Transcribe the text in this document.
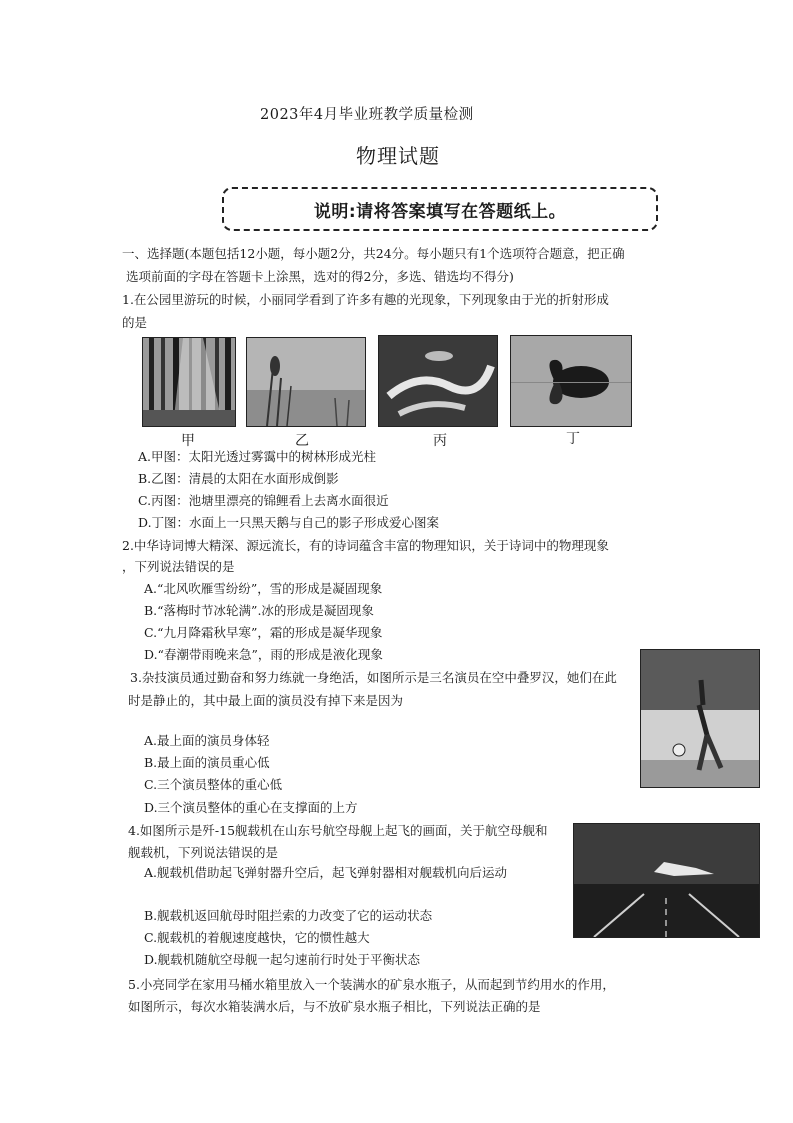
2023年4月毕业班教学质量检测
物理试题
说明:请将答案填写在答题纸上。
一、选择题(本题包括12小题，每小题2分，共24分。每小题只有1个选项符合题意，把正确
选项前面的字母在答题卡上涂黑，选对的得2分，多选、错选均不得分)
1.在公园里游玩的时候，小丽同学看到了许多有趣的光现象，下列现象由于光的折射形成
的是
甲	乙	丙	丁
A.甲图：太阳光透过雾霭中的树林形成光柱
B.乙图：清晨的太阳在水面形成倒影
C.丙图：池塘里漂亮的锦鲤看上去离水面很近
D.丁图：水面上一只黑天鹅与自己的影子形成爱心图案
2.中华诗词博大精深、源远流长，有的诗词蕴含丰富的物理知识，关于诗词中的物理现象
，下列说法错误的是
A.“北风吹雁雪纷纷”，雪的形成是凝固现象
B.“落梅时节冰轮满”.冰的形成是凝固现象
C.“九月降霜秋早寒”，霜的形成是凝华现象
D.“春潮带雨晚来急”，雨的形成是液化现象
3.杂技演员通过勤奋和努力练就一身绝活，如图所示是三名演员在空中叠罗汉，她们在此
时是静止的，其中最上面的演员没有掉下来是因为
A.最上面的演员身体轻
B.最上面的演员重心低
C.三个演员整体的重心低
D.三个演员整体的重心在支撑面的上方
4.如图所示是歼-15舰载机在山东号航空母舰上起飞的画面，关于航空母舰和
舰载机，下列说法错误的是
A.舰载机借助起飞弹射器升空后，起飞弹射器相对舰载机向后运动
B.舰载机返回航母时阻拦索的力改变了它的运动状态
C.舰载机的着舰速度越快，它的惯性越大
D.舰载机随航空母舰一起匀速前行时处于平衡状态
5.小亮同学在家用马桶水箱里放入一个装满水的矿泉水瓶子，从而起到节约用水的作用，
如图所示，每次水箱装满水后，与不放矿泉水瓶子相比，下列说法正确的是
